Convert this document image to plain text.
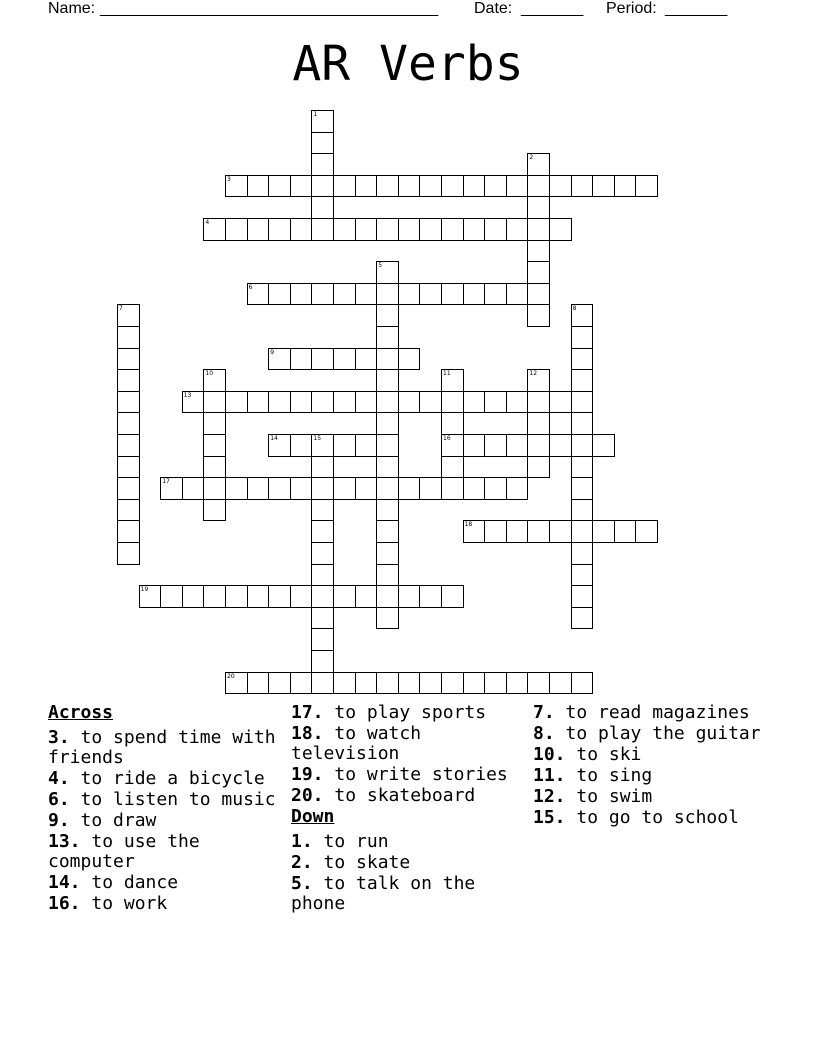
Name: ______________________________________ Date: _______ Period: _______
AR Verbs
3
4
6
9
13
14	15	16
17
18
19
20
1
2
5
7	8
10	11	12
Across
3. to spend time with friends
4. to ride a bicycle
6. to listen to music
9. to draw
13. to use the computer
14. to dance
16. to work
17. to play sports
18. to watch television
19. to write stories
20. to skateboard
Down
1. to run
2. to skate
5. to talk on the phone
7. to read magazines
8. to play the guitar
10. to ski
11. to sing
12. to swim
15. to go to school
